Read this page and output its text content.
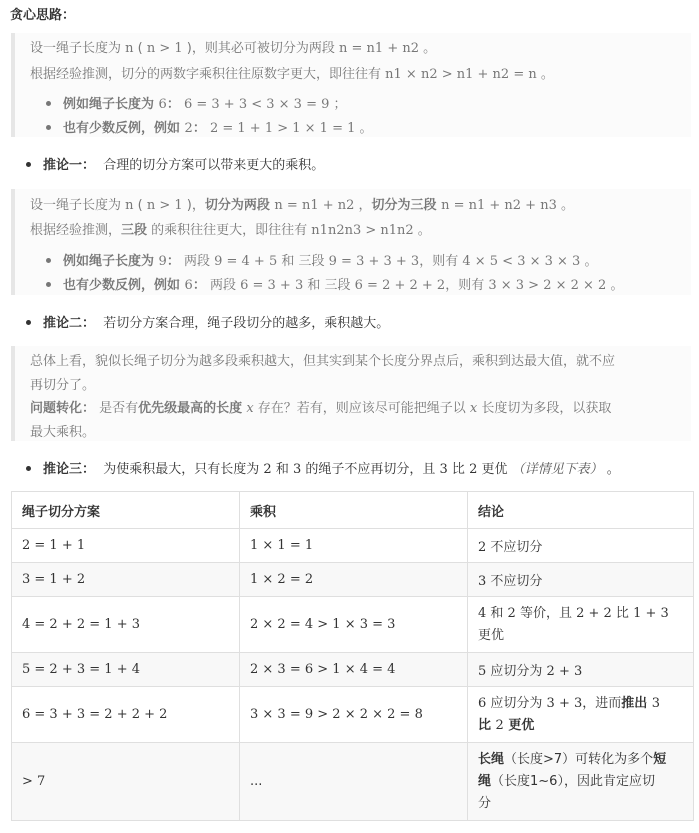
贪心思路：
设一绳子长度为 n ( n > 1 )，则其必可被切分为两段 n = n1 + n2 。
根据经验推测，切分的两数字乘积往往原数字更大，即往往有 n1 × n2 > n1 + n2 = n 。
例如绳子长度为 6： 6 = 3 + 3 < 3 × 3 = 9 ；
也有少数反例，例如 2： 2 = 1 + 1 > 1 × 1 = 1 。
推论一： 合理的切分方案可以带来更大的乘积。
设一绳子长度为 n ( n > 1 )，切分为两段 n = n1 + n2 ，切分为三段 n = n1 + n2 + n3 。
根据经验推测，三段 的乘积往往更大，即往往有 n1n2n3 > n1n2 。
例如绳子长度为 9： 两段 9 = 4 + 5 和 三段 9 = 3 + 3 + 3，则有 4 × 5 < 3 × 3 × 3 。
也有少数反例，例如 6： 两段 6 = 3 + 3 和 三段 6 = 2 + 2 + 2，则有 3 × 3 > 2 × 2 × 2 。
推论二： 若切分方案合理，绳子段切分的越多，乘积越大。
总体上看，貌似长绳子切分为越多段乘积越大，但其实到某个长度分界点后，乘积到达最大值，就不应
再切分了。
问题转化： 是否有优先级最高的长度 x 存在？若有，则应该尽可能把绳子以 x 长度切为多段，以获取
最大乘积。
推论三： 为使乘积最大，只有长度为 2 和 3 的绳子不应再切分，且 3 比 2 更优 （详情见下表） 。
绳子切分方案	乘积	结论
2 = 1 + 1	1 × 1 = 1	2 不应切分
3 = 1 + 2	1 × 2 = 2	3 不应切分
4 = 2 + 2 = 1 + 3	2 × 2 = 4 > 1 × 3 = 3	4 和 2 等价，且 2 + 2 比 1 + 3
更优
5 = 2 + 3 = 1 + 4	2 × 3 = 6 > 1 × 4 = 4	5 应切分为 2 + 3
6 = 3 + 3 = 2 + 2 + 2	3 × 3 = 9 > 2 × 2 × 2 = 8	6 应切分为 3 + 3，进而推出 3
比 2 更优
> 7	...	长绳（长度>7）可转化为多个短
绳（长度1~6），因此肯定应切
分
